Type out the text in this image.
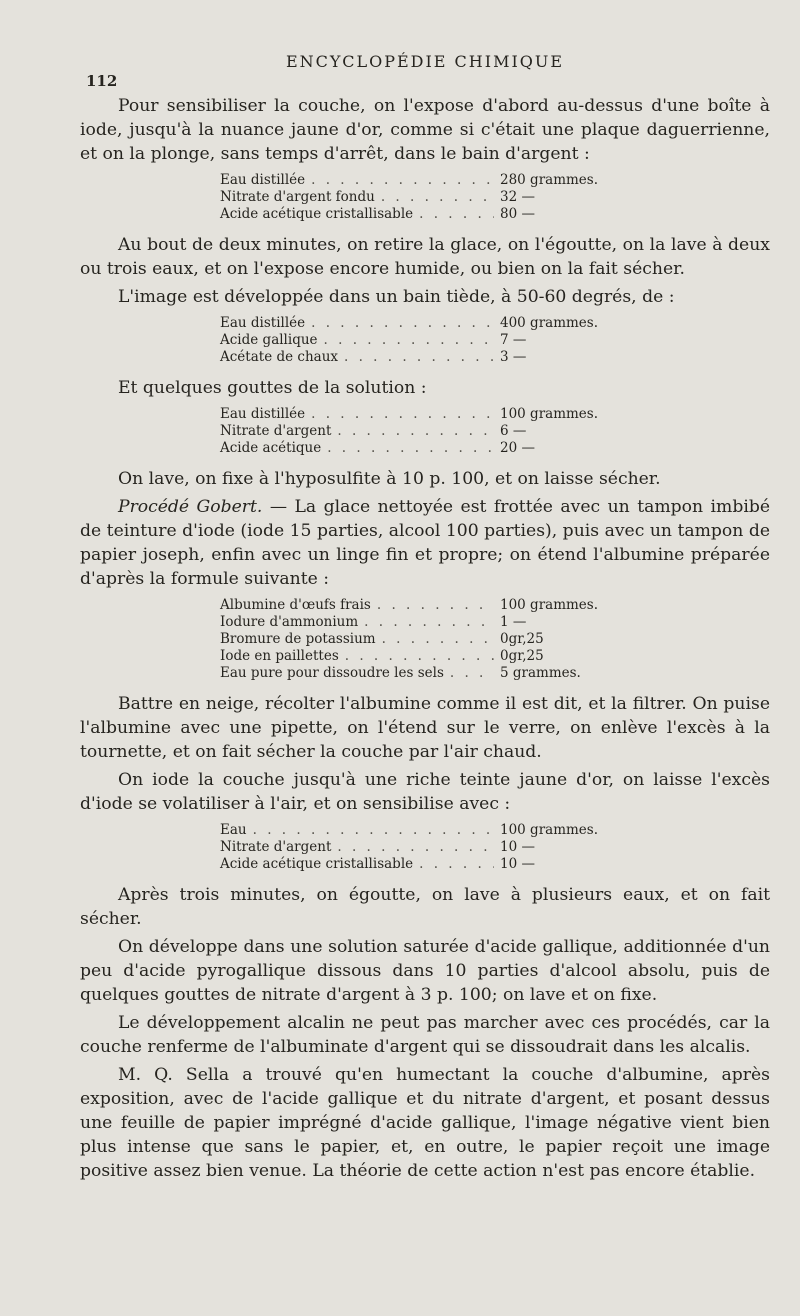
112
ENCYCLOPÉDIE CHIMIQUE

Pour sensibiliser la couche, on l'expose d'abord au-dessus d'une boîte à iode, jusqu'à la nuance jaune d'or, comme si c'était une plaque daguerrienne, et on la plonge, sans temps d'arrêt, dans le bain d'argent :

Eau distillée . . .	280 grammes.
Nitrate d'argent fondu . . .	32 —
Acide acétique cristallisable . . .	80 —

Au bout de deux minutes, on retire la glace, on l'égoutte, on la lave à deux ou trois eaux, et on l'expose encore humide, ou bien on la fait sécher.

L'image est développée dans un bain tiède, à 50-60 degrés, de :

Eau distillée . . .	400 grammes.
Acide gallique . . .	7 —
Acétate de chaux . . .	3 —

Et quelques gouttes de la solution :

Eau distillée . . .	100 grammes.
Nitrate d'argent . . .	6 —
Acide acétique . . .	20 —

On lave, on fixe à l'hyposulfite à 10 p. 100, et on laisse sécher.

Procédé Gobert. — La glace nettoyée est frottée avec un tampon imbibé de teinture d'iode (iode 15 parties, alcool 100 parties), puis avec un tampon de papier joseph, enfin avec un linge fin et propre; on étend l'albumine préparée d'après la formule suivante :

Albumine d'œufs frais . . .	100 grammes.
Iodure d'ammonium . . .	1 —
Bromure de potassium . . .	0gr,25
Iode en paillettes . . .	0gr,25
Eau pure pour dissoudre les sels . . .	5 grammes.

Battre en neige, récolter l'albumine comme il est dit, et la filtrer. On puise l'albumine avec une pipette, on l'étend sur le verre, on enlève l'excès à la tournette, et on fait sécher la couche par l'air chaud.

On iode la couche jusqu'à une riche teinte jaune d'or, on laisse l'excès d'iode se volatiliser à l'air, et on sensibilise avec :

Eau . . .	100 grammes.
Nitrate d'argent . . .	10 —
Acide acétique cristallisable . . .	10 —

Après trois minutes, on égoutte, on lave à plusieurs eaux, et on fait sécher.

On développe dans une solution saturée d'acide gallique, additionnée d'un peu d'acide pyrogallique dissous dans 10 parties d'alcool absolu, puis de quelques gouttes de nitrate d'argent à 3 p. 100; on lave et on fixe.

Le développement alcalin ne peut pas marcher avec ces procédés, car la couche renferme de l'albuminate d'argent qui se dissoudrait dans les alcalis.

M. Q. Sella a trouvé qu'en humectant la couche d'albumine, après exposition, avec de l'acide gallique et du nitrate d'argent, et posant dessus une feuille de papier imprégné d'acide gallique, l'image négative vient bien plus intense que sans le papier, et, en outre, le papier reçoit une image positive assez bien venue. La théorie de cette action n'est pas encore établie.
